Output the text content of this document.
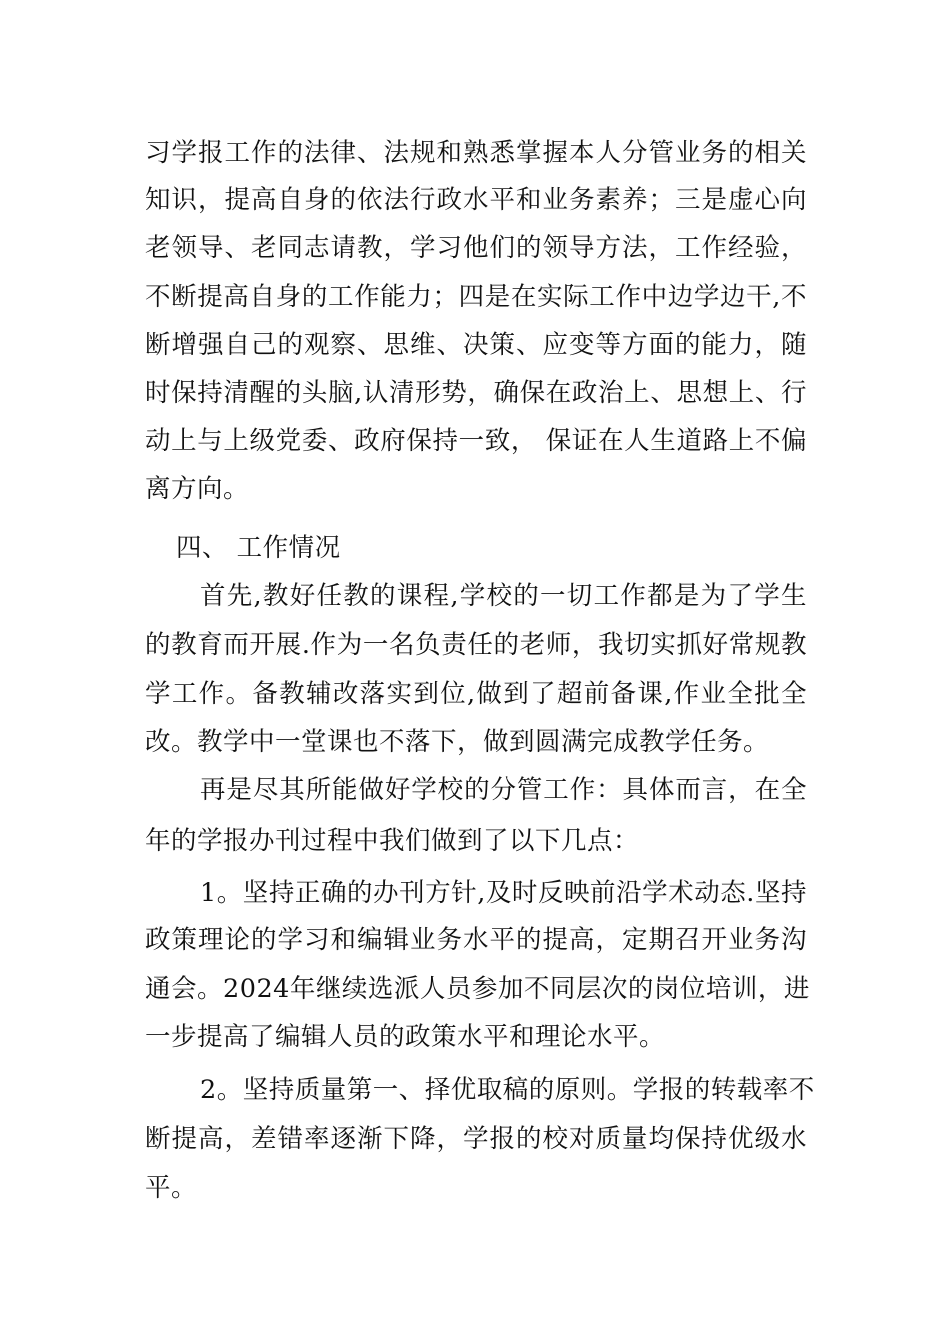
习学报工作的法律、法规和熟悉掌握本人分管业务的相关
知识，提高自身的依法行政水平和业务素养；三是虚心向
老领导、老同志请教，学习他们的领导方法，工作经验，
不断提高自身的工作能力；四是在实际工作中边学边干,不
断增强自己的观察、思维、决策、应变等方面的能力，随
时保持清醒的头脑,认清形势，确保在政治上、思想上、行
动上与上级党委、政府保持一致， 保证在人生道路上不偏
离方向。
四、 工作情况
首先,教好任教的课程,学校的一切工作都是为了学生
的教育而开展.作为一名负责任的老师，我切实抓好常规教
学工作。备教辅改落实到位,做到了超前备课,作业全批全
改。教学中一堂课也不落下，做到圆满完成教学任务。
再是尽其所能做好学校的分管工作：具体而言，在全
年的学报办刊过程中我们做到了以下几点：
1。坚持正确的办刊方针,及时反映前沿学术动态.坚持
政策理论的学习和编辑业务水平的提高，定期召开业务沟
通会。2024年继续选派人员参加不同层次的岗位培训，进
一步提高了编辑人员的政策水平和理论水平。
2。坚持质量第一、择优取稿的原则。学报的转载率不
断提高，差错率逐渐下降，学报的校对质量均保持优级水
平。
